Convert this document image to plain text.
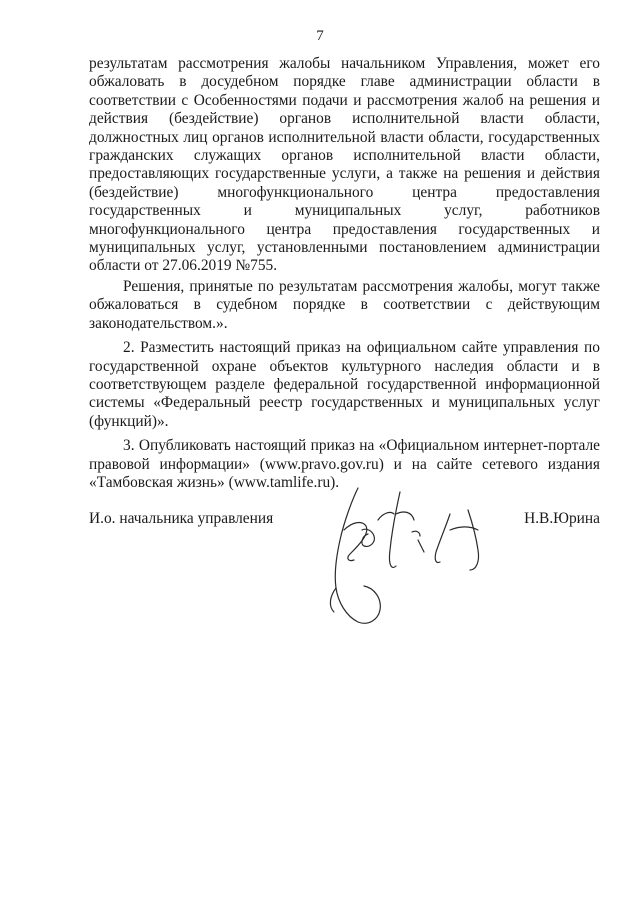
7

результатам рассмотрения жалобы начальником Управления, может его обжаловать в досудебном порядке главе администрации области в соответствии с Особенностями подачи и рассмотрения жалоб на решения и действия (бездействие) органов исполнительной власти области, должностных лиц органов исполнительной власти области, государственных гражданских служащих органов исполнительной власти области, предоставляющих государственные услуги, а также на решения и действия (бездействие) многофункционального центра предоставления государственных и муниципальных услуг, работников многофункционального центра предоставления государственных и муниципальных услуг, установленными постановлением администрации области от 27.06.2019 №755.

Решения, принятые по результатам рассмотрения жалобы, могут также обжаловаться в судебном порядке в соответствии с действующим законодательством.».

2. Разместить настоящий приказ на официальном сайте управления по государственной охране объектов культурного наследия области и в соответствующем разделе федеральной государственной информационной системы «Федеральный реестр государственных и муниципальных услуг (функций)».

3. Опубликовать настоящий приказ на «Официальном интернет-портале правовой информации» (www.pravo.gov.ru) и на сайте сетевого издания «Тамбовская жизнь» (www.tamlife.ru).

И.о. начальника управления	Н.В.Юрина
